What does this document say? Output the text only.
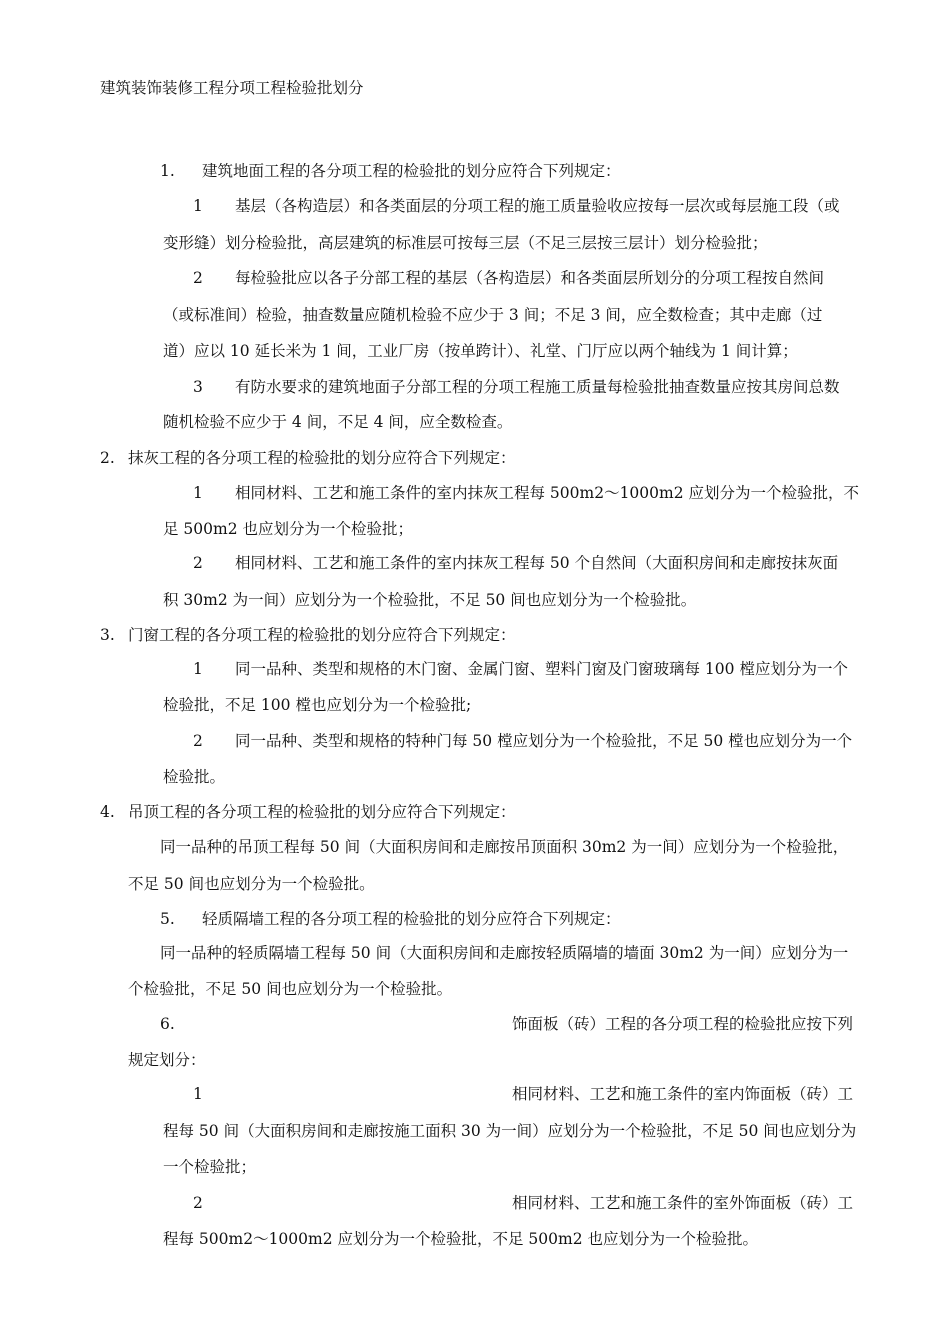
建筑装饰装修工程分项工程检验批划分
1. 建筑地面工程的各分项工程的检验批的划分应符合下列规定：
1 基层（各构造层）和各类面层的分项工程的施工质量验收应按每一层次或每层施工段（或
变形缝）划分检验批，高层建筑的标准层可按每三层（不足三层按三层计）划分检验批；
2 每检验批应以各子分部工程的基层（各构造层）和各类面层所划分的分项工程按自然间
（或标准间）检验，抽查数量应随机检验不应少于 3 间；不足 3 间，应全数检查；其中走廊（过
道）应以 10 延长米为 1 间，工业厂房（按单跨计）、礼堂、门厅应以两个轴线为 1 间计算；
3 有防水要求的建筑地面子分部工程的分项工程施工质量每检验批抽查数量应按其房间总数
随机检验不应少于 4 间，不足 4 间，应全数检查。
2. 抹灰工程的各分项工程的检验批的划分应符合下列规定：
1 相同材料、工艺和施工条件的室内抹灰工程每 500m2～1000m2 应划分为一个检验批，不
足 500m2 也应划分为一个检验批；
2 相同材料、工艺和施工条件的室内抹灰工程每 50 个自然间（大面积房间和走廊按抹灰面
积 30m2 为一间）应划分为一个检验批，不足 50 间也应划分为一个检验批。
3. 门窗工程的各分项工程的检验批的划分应符合下列规定：
1 同一品种、类型和规格的木门窗、金属门窗、塑料门窗及门窗玻璃每 100 樘应划分为一个
检验批，不足 100 樘也应划分为一个检验批;
2 同一品种、类型和规格的特种门每 50 樘应划分为一个检验批，不足 50 樘也应划分为一个
检验批。
4. 吊顶工程的各分项工程的检验批的划分应符合下列规定：
同一品种的吊顶工程每 50 间（大面积房间和走廊按吊顶面积 30m2 为一间）应划分为一个检验批，
不足 50 间也应划分为一个检验批。
5. 轻质隔墙工程的各分项工程的检验批的划分应符合下列规定：
同一品种的轻质隔墙工程每 50 间（大面积房间和走廊按轻质隔墙的墙面 30m2 为一间）应划分为一
个检验批，不足 50 间也应划分为一个检验批。
6.	饰面板（砖）工程的各分项工程的检验批应按下列
规定划分：
1	相同材料、工艺和施工条件的室内饰面板（砖）工
程每 50 间（大面积房间和走廊按施工面积 30 为一间）应划分为一个检验批，不足 50 间也应划分为
一个检验批；
2	相同材料、工艺和施工条件的室外饰面板（砖）工
程每 500m2～1000m2 应划分为一个检验批，不足 500m2 也应划分为一个检验批。
